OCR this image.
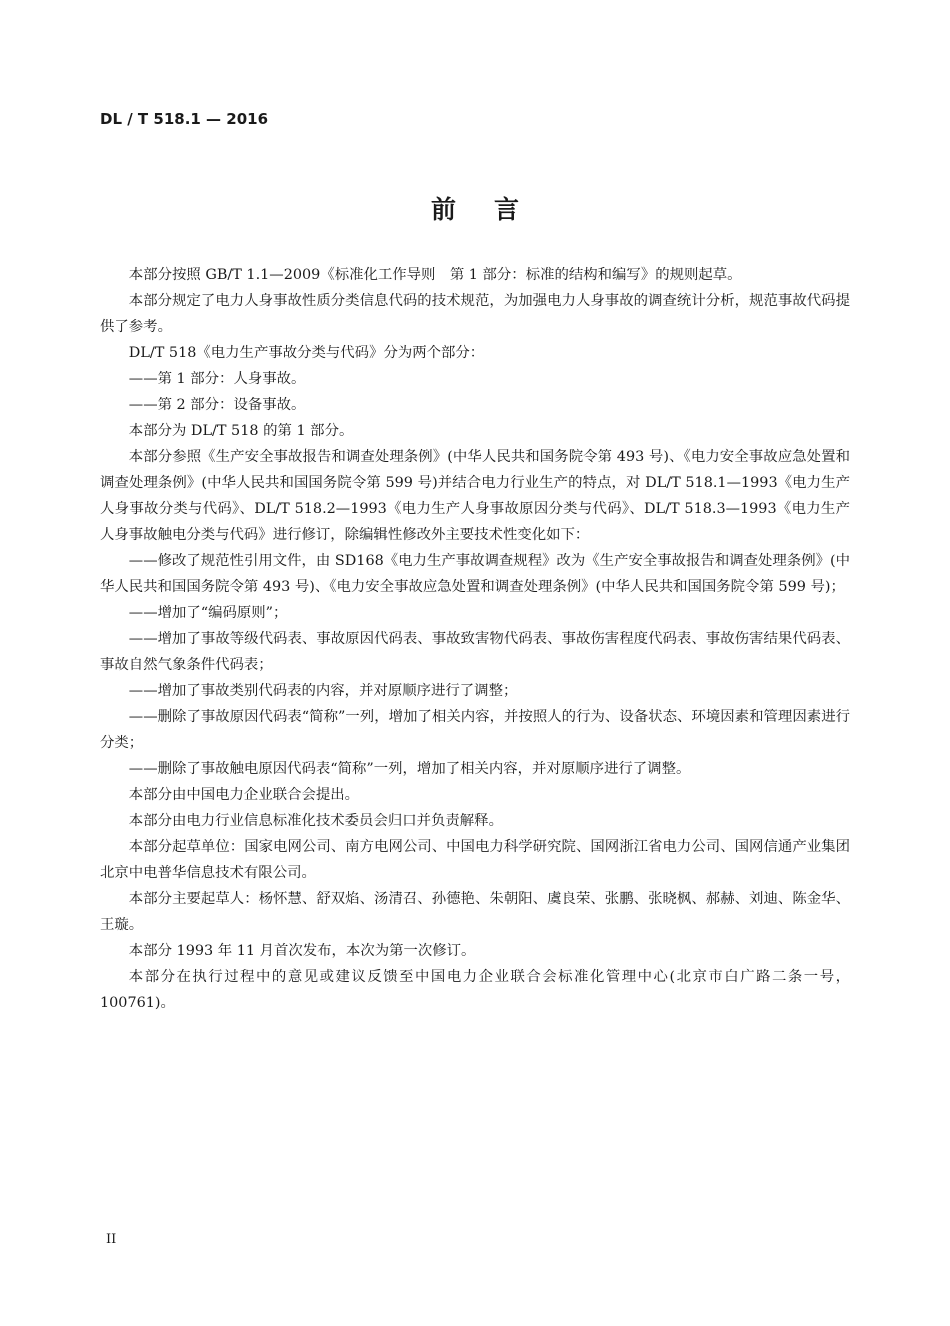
DL / T 518.1 — 2016
前言

本部分按照 GB/T 1.1—2009《标准化工作导则　第 1 部分：标准的结构和编写》的规则起草。

本部分规定了电力人身事故性质分类信息代码的技术规范，为加强电力人身事故的调查统计分析，规范事故代码提供了参考。

DL/T 518《电力生产事故分类与代码》分为两个部分：

——第 1 部分：人身事故。

——第 2 部分：设备事故。

本部分为 DL/T 518 的第 1 部分。

本部分参照《生产安全事故报告和调查处理条例》(中华人民共和国务院令第 493 号)、《电力安全事故应急处置和调查处理条例》(中华人民共和国国务院令第 599 号)并结合电力行业生产的特点，对 DL/T 518.1—1993《电力生产人身事故分类与代码》、DL/T 518.2—1993《电力生产人身事故原因分类与代码》、DL/T 518.3—1993《电力生产人身事故触电分类与代码》进行修订，除编辑性修改外主要技术性变化如下：

——修改了规范性引用文件，由 SD168《电力生产事故调查规程》改为《生产安全事故报告和调查处理条例》(中华人民共和国国务院令第 493 号)、《电力安全事故应急处置和调查处理条例》(中华人民共和国国务院令第 599 号)；

——增加了“编码原则”；

——增加了事故等级代码表、事故原因代码表、事故致害物代码表、事故伤害程度代码表、事故伤害结果代码表、事故自然气象条件代码表；

——增加了事故类别代码表的内容，并对原顺序进行了调整；

——删除了事故原因代码表“简称”一列，增加了相关内容，并按照人的行为、设备状态、环境因素和管理因素进行分类；

——删除了事故触电原因代码表“简称”一列，增加了相关内容，并对原顺序进行了调整。

本部分由中国电力企业联合会提出。

本部分由电力行业信息标准化技术委员会归口并负责解释。

本部分起草单位：国家电网公司、南方电网公司、中国电力科学研究院、国网浙江省电力公司、国网信通产业集团北京中电普华信息技术有限公司。

本部分主要起草人：杨怀慧、舒双焰、汤清召、孙德艳、朱朝阳、虞良荣、张鹏、张晓枫、郝赫、刘迪、陈金华、王璇。

本部分 1993 年 11 月首次发布，本次为第一次修订。

本部分在执行过程中的意见或建议反馈至中国电力企业联合会标准化管理中心(北京市白广路二条一号，100761)。

II
